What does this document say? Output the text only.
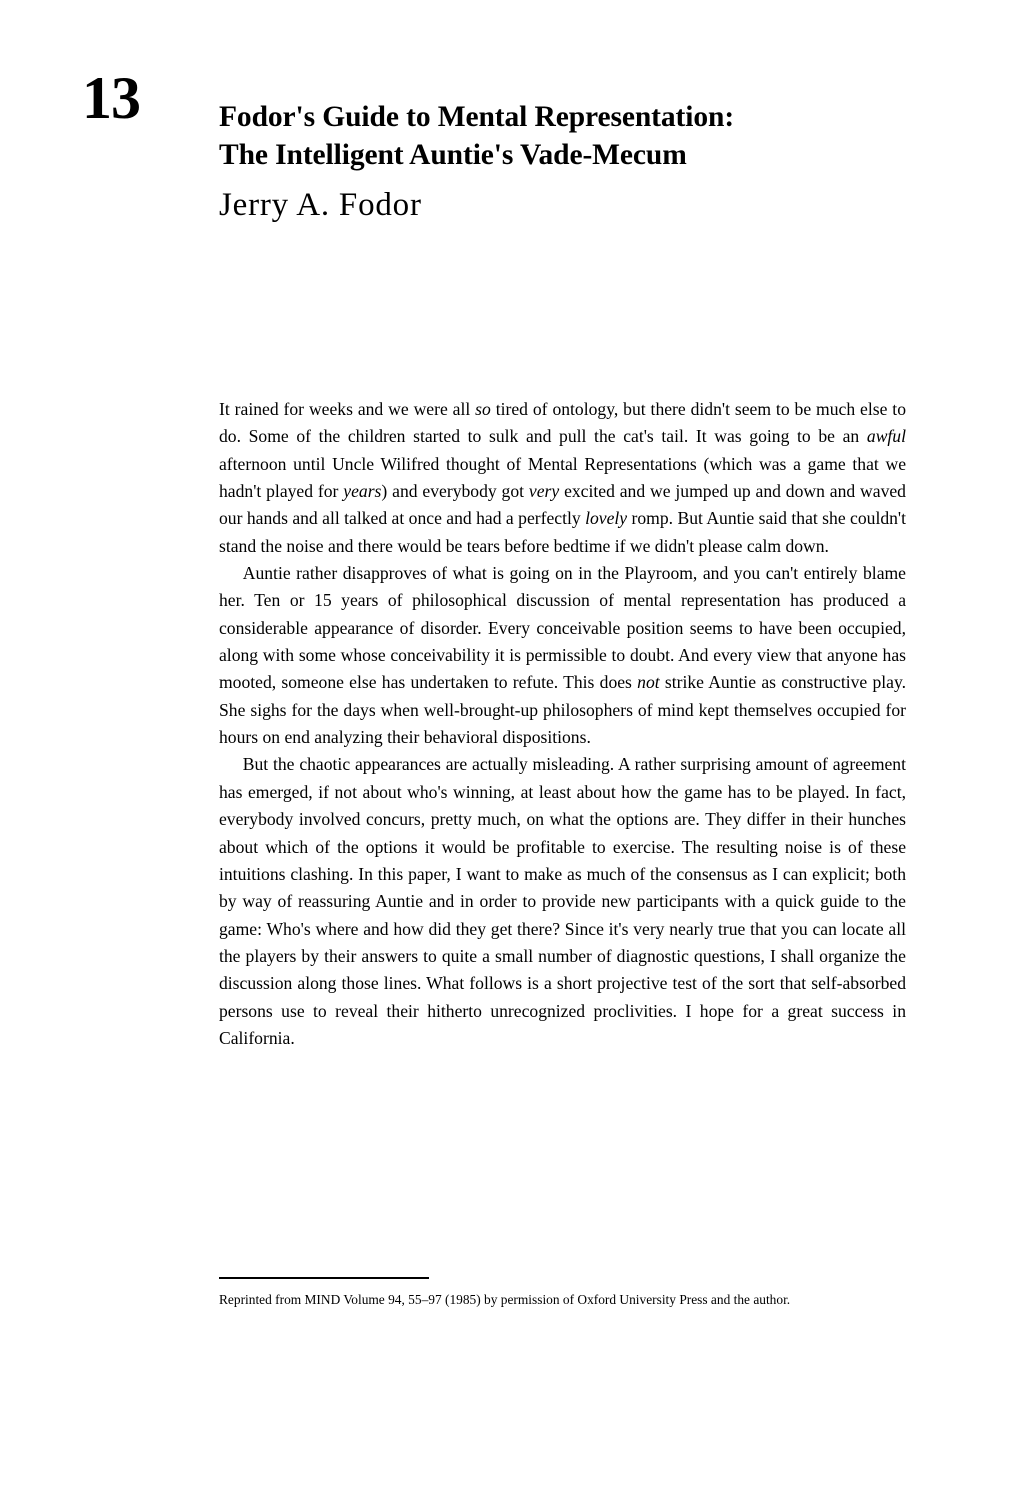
13	Fodor's Guide to Mental Representation:
The Intelligent Auntie's Vade-Mecum
Jerry A. Fodor

It rained for weeks and we were all so tired of ontology, but there didn't seem to be much else to do. Some of the children started to sulk and pull the cat's tail. It was going to be an awful afternoon until Uncle Wilifred thought of Mental Representations (which was a game that we hadn't played for years) and everybody got very excited and we jumped up and down and waved our hands and all talked at once and had a perfectly lovely romp. But Auntie said that she couldn't stand the noise and there would be tears before bedtime if we didn't please calm down.

Auntie rather disapproves of what is going on in the Playroom, and you can't entirely blame her. Ten or 15 years of philosophical discussion of mental representation has produced a considerable appearance of disorder. Every conceivable position seems to have been occupied, along with some whose conceivability it is permissible to doubt. And every view that anyone has mooted, someone else has undertaken to refute. This does not strike Auntie as constructive play. She sighs for the days when well-brought-up philosophers of mind kept themselves occupied for hours on end analyzing their behavioral dispositions.

But the chaotic appearances are actually misleading. A rather surprising amount of agreement has emerged, if not about who's winning, at least about how the game has to be played. In fact, everybody involved concurs, pretty much, on what the options are. They differ in their hunches about which of the options it would be profitable to exercise. The resulting noise is of these intuitions clashing. In this paper, I want to make as much of the consensus as I can explicit; both by way of reassuring Auntie and in order to provide new participants with a quick guide to the game: Who's where and how did they get there? Since it's very nearly true that you can locate all the players by their answers to quite a small number of diagnostic questions, I shall organize the discussion along those lines. What follows is a short projective test of the sort that self-absorbed persons use to reveal their hitherto unrecognized proclivities. I hope for a great success in California.

Reprinted from MIND Volume 94, 55–97 (1985) by permission of Oxford University Press and the author.
